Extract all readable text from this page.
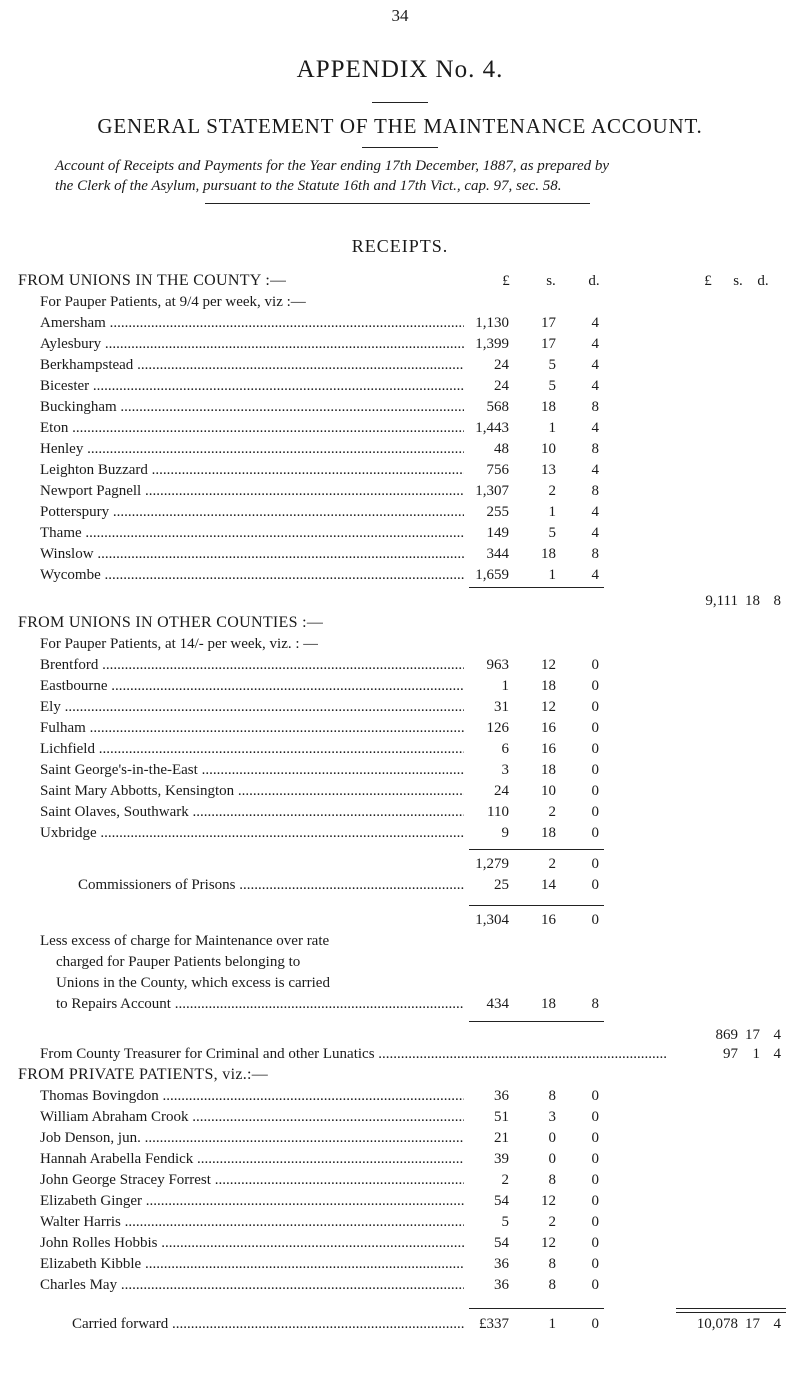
34
APPENDIX No. 4.
GENERAL STATEMENT OF THE MAINTENANCE ACCOUNT.
Account of Receipts and Payments for the Year ending 17th December, 1887, as prepared by
the Clerk of the Asylum, pursuant to the Statute 16th and 17th Vict., cap. 97, sec. 58.
RECEIPTS.
FROM UNIONS IN THE COUNTY :—	£	s.	d.	£	s. d.
For Pauper Patients, at 9/4 per week, viz :—
Amersham .....	1,130 17 4
Aylesbury .....	1,399 17 4
Berkhampstead .....	24	5 4
Bicester .....	24	5 4
Buckingham .....	568 18 8
Eton .....	1,443	1 4
Henley .....	48 10 8
Leighton Buzzard .....	756 13 4
Newport Pagnell .....	1,307	2 8
Potterspury .....	255	1 4
Thame .....	149	5 4
Winslow .....	344 18 8
Wycombe .....	1,659	1 4
9,111 18 8
FROM UNIONS IN OTHER COUNTIES :—
For Pauper Patients, at 14/- per week, viz. : —
Brentford .....	963 12 0
Eastbourne .....	1 18 0
Ely .....	31 12 0
Fulham .....	126 16 0
Lichfield .....	6 16 0
Saint George's-in-the-East .....	3 18 0
Saint Mary Abbotts, Kensington .....	24 10 0
Saint Olaves, Southwark .....	110	2 0
Uxbridge .....	9 18 0
1,279	2 0
Commissioners of Prisons .....	25 14 0
1,304 16 0
Less excess of charge for Maintenance over rate
charged for Pauper Patients belonging to
Unions in the County, which excess is carried
to Repairs Account .....	434 18 8
869 17 4
From County Treasurer for Criminal and other Lunatics .....	97 1 4
FROM PRIVATE PATIENTS, viz.:—
Thomas Bovingdon .....	36	8 0
William Abraham Crook .....	51	3 0
Job Denson, jun. .....	21	0 0
Hannah Arabella Fendick .....	39	0 0
John George Stracey Forrest .....	2	8 0
Elizabeth Ginger .....	54 12 0
Walter Harris .....	5	2 0
John Rolles Hobbis .....	54 12 0
Elizabeth Kibble .....	36	8 0
Charles May .....	36	8 0
Carried forward .....	£337	1 0	10,078 17 4
